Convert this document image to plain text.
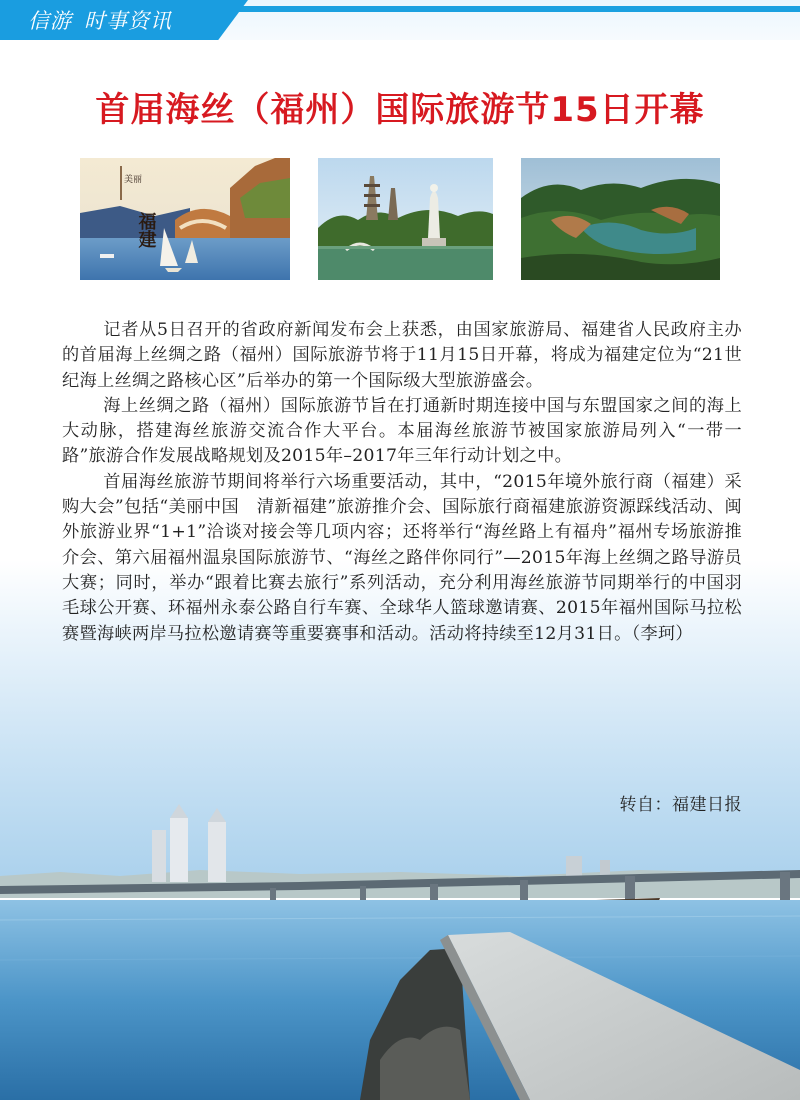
信游 时事资讯
首届海丝（福州）国际旅游节15日开幕
美丽
福建

记者从5日召开的省政府新闻发布会上获悉，由国家旅游局、福建省人民政府主办的首届海上丝绸之路（福州）国际旅游节将于11月15日开幕，将成为福建定位为“21世纪海上丝绸之路核心区”后举办的第一个国际级大型旅游盛会。

海上丝绸之路（福州）国际旅游节旨在打通新时期连接中国与东盟国家之间的海上大动脉，搭建海丝旅游交流合作大平台。本届海丝旅游节被国家旅游局列入“一带一路”旅游合作发展战略规划及2015年–2017年三年行动计划之中。

首届海丝旅游节期间将举行六场重要活动，其中，“2015年境外旅行商（福建）采购大会”包括“美丽中国　清新福建”旅游推介会、国际旅行商福建旅游资源踩线活动、闽外旅游业界“1+1”洽谈对接会等几项内容；还将举行“海丝路上有福舟”福州专场旅游推介会、第六届福州温泉国际旅游节、“海丝之路伴你同行”—2015年海上丝绸之路导游员大赛；同时，举办“跟着比赛去旅行”系列活动，充分利用海丝旅游节同期举行的中国羽毛球公开赛、环福州永泰公路自行车赛、全球华人篮球邀请赛、2015年福州国际马拉松赛暨海峡两岸马拉松邀请赛等重要赛事和活动。活动将持续至12月31日。（李珂）

转自：福建日报
